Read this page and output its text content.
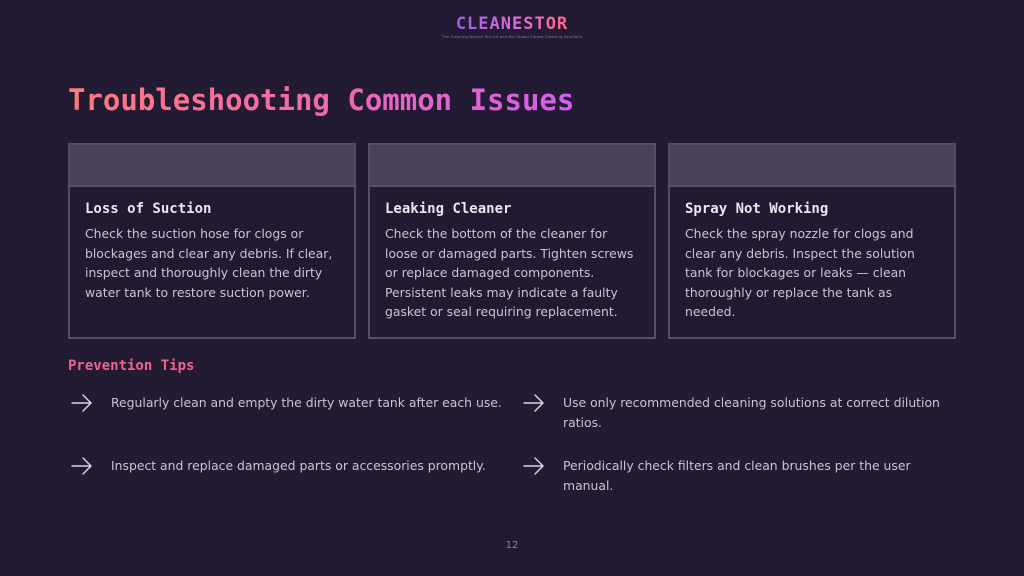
CLEANESTOR
The Cleaning Device Tool kit and the Global Carpet Cleaning Solutions
Troubleshooting Common Issues
Loss of Suction
Check the suction hose for clogs or blockages and clear any debris. If clear, inspect and thoroughly clean the dirty water tank to restore suction power.
Leaking Cleaner
Check the bottom of the cleaner for loose or damaged parts. Tighten screws or replace damaged components. Persistent leaks may indicate a faulty gasket or seal requiring replacement.
Spray Not Working
Check the spray nozzle for clogs and clear any debris. Inspect the solution tank for blockages or leaks — clean thoroughly or replace the tank as needed.
Prevention Tips
Regularly clean and empty the dirty water tank after each use.	Use only recommended cleaning solutions at correct dilution ratios.
Inspect and replace damaged parts or accessories promptly.	Periodically check filters and clean brushes per the user manual.
12
